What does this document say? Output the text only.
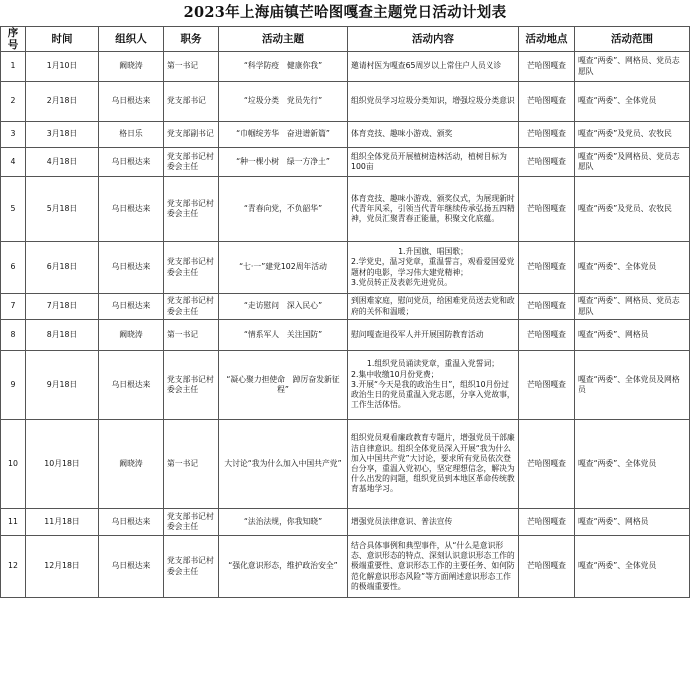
2023年上海庙镇芒哈图嘎查主题党日活动计划表
序号	时间	组织人	职务	活动主题	活动内容	活动地点	活动范围
1	1月10日	阚晓涛	第一书记	“科学防疫　健康你我”	邀请村医为嘎查65周岁以上常住户人员义诊	芒哈图嘎查	嘎查“两委”、网格员、党员志愿队
2	2月18日	乌日根达来	党支部书记	“垃圾分类　党员先行”	组织党员学习垃圾分类知识，增强垃圾分类意识	芒哈图嘎查	嘎查“两委”、全体党员
3	3月18日	格日乐	党支部副书记	“巾帼绽芳华　奋进谱新篇”	体育竞技、趣味小游戏、颁奖	芒哈图嘎查	嘎查“两委”及党员、农牧民
4	4月18日	乌日根达来	党支部书记村委会主任	“种一棵小树　绿一方净土”	组织全体党员开展植树造林活动，植树目标为100亩	芒哈图嘎查	嘎查“两委”及网格员、党员志愿队
5	5月18日	乌日根达来	党支部书记村委会主任	“青春向党，不负韶华”	体育竞技、趣味小游戏、颁奖仪式，为展现新时代青年风采，引领当代青年继续传承弘扬五四精神，党员汇聚青春正能量，积聚文化底蕴。	芒哈图嘎查	嘎查“两委”及党员、农牧民
6	6月18日	乌日根达来	党支部书记村委会主任	“七·一”建党102周年活动	1.升国旗、唱国歌；
2.学党史，温习党章，重温誓言，观看爱国爱党题材的电影，学习伟大建党精神；
3.党员转正及表彰先进党员。	芒哈图嘎查	嘎查“两委”、全体党员
7	7月18日	乌日根达来	党支部书记村委会主任	“走访慰问　深入民心”	到困难家庭，慰问党员，给困难党员送去党和政府的关怀和温暖；	芒哈图嘎查	嘎查“两委”、网格员、党员志愿队
8	8月18日	阚晓涛	第一书记	“情系军人　关注国防”	慰问嘎查退役军人并开展国防教育活动	芒哈图嘎查	嘎查“两委”、网格员
9	9月18日	乌日根达来	党支部书记村委会主任	“凝心聚力担使命　踔厉奋发新征程”	1.组织党员诵读党章，重温入党誓词；
2.集中收缴10月份党费；
3.开展“今天是我的政治生日”，组织10月份过政治生日的党员重温入党志愿，分享入党故事，工作生活体悟。	芒哈图嘎查	嘎查“两委”、全体党员及网格员
10	10月18日	阚晓涛	第一书记	大讨论“我为什么加入中国共产党”	组织党员观看廉政教育专题片，增强党员干部廉洁自律意识。组织全体党员深入开展“我为什么加入中国共产党”大讨论，要求所有党员依次登台分享，重温入党初心，坚定理想信念，解决为什么出发的问题，组织党员到本地区革命传统教育基地学习。	芒哈图嘎查	嘎查“两委”、全体党员
11	11月18日	乌日根达来	党支部书记村委会主任	“法治法规，你我知晓”	增强党员法律意识、普法宣传	芒哈图嘎查	嘎查“两委”、网格员
12	12月18日	乌日根达来	党支部书记村委会主任	“强化意识形态，维护政治安全”	结合具体事例和典型事件，从“什么是意识形态、意识形态的特点、深刻认识意识形态工作的极端重要性、意识形态工作的主要任务、如何防范化解意识形态风险”等方面阐述意识形态工作的极端重要性。	芒哈图嘎查	嘎查“两委”、全体党员
